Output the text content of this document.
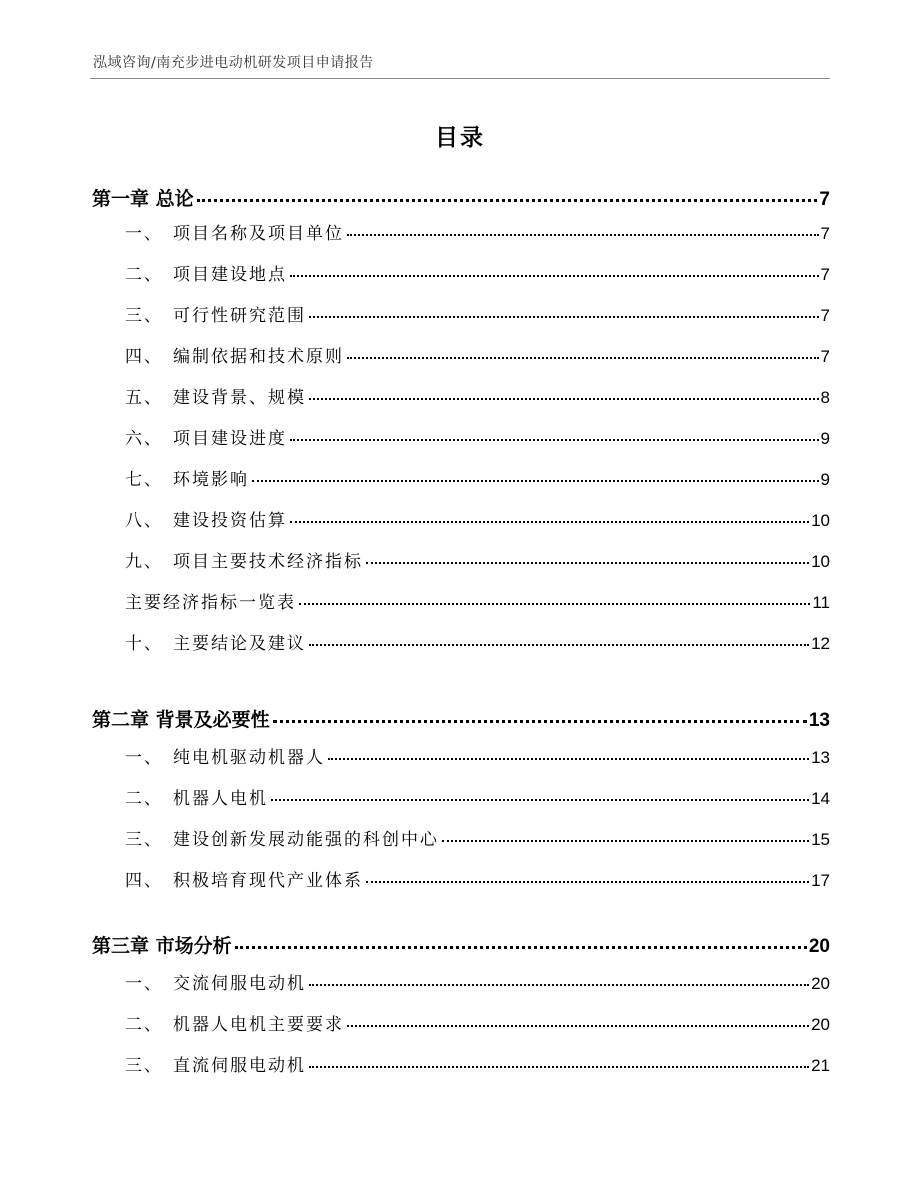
泓域咨询/南充步进电动机研发项目申请报告
目录
第一章 总论	7
一、 项目名称及项目单位	7
二、 项目建设地点	7
三、 可行性研究范围	7
四、 编制依据和技术原则	7
五、 建设背景、规模	8
六、 项目建设进度	9
七、 环境影响	9
八、 建设投资估算	10
九、 项目主要技术经济指标	10
主要经济指标一览表	11
十、 主要结论及建议	12
第二章 背景及必要性	13
一、 纯电机驱动机器人	13
二、 机器人电机	14
三、 建设创新发展动能强的科创中心	15
四、 积极培育现代产业体系	17
第三章 市场分析	20
一、 交流伺服电动机	20
二、 机器人电机主要要求	20
三、 直流伺服电动机	21
